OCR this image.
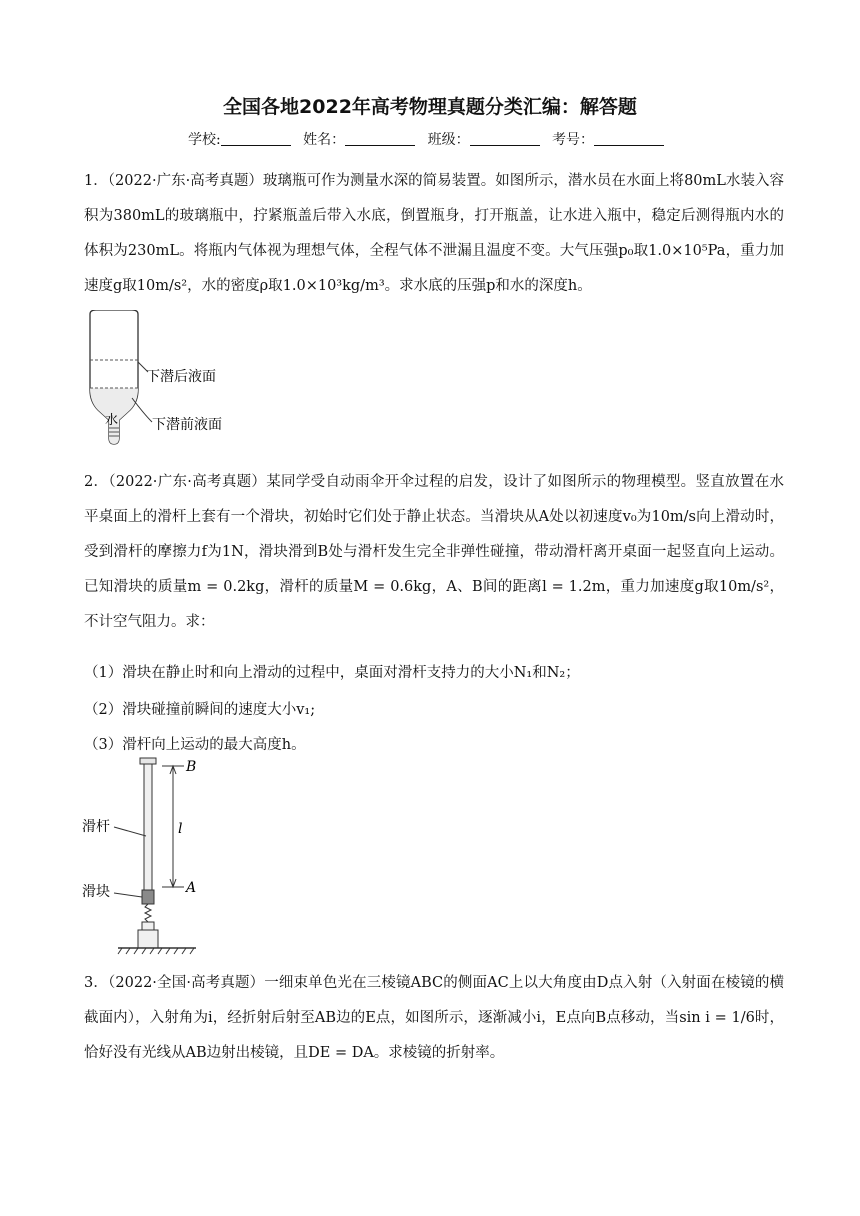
全国各地2022年高考物理真题分类汇编：解答题
学校:	姓名：	班级：	考号：
1．（2022·广东·高考真题）玻璃瓶可作为测量水深的简易装置。如图所示，潜水员在水面上将80mL水装入容积为380mL的玻璃瓶中，拧紧瓶盖后带入水底，倒置瓶身，打开瓶盖，让水进入瓶中，稳定后测得瓶内水的体积为230mL。将瓶内气体视为理想气体，全程气体不泄漏且温度不变。大气压强p₀取1.0×10⁵Pa，重力加速度g取10m/s²，水的密度ρ取1.0×10³kg/m³。求水底的压强p和水的深度h。
下潜后液面
下潜前液面
水
2．（2022·广东·高考真题）某同学受自动雨伞开伞过程的启发，设计了如图所示的物理模型。竖直放置在水平桌面上的滑杆上套有一个滑块，初始时它们处于静止状态。当滑块从A处以初速度v₀为10m/s向上滑动时，受到滑杆的摩擦力f为1N，滑块滑到B处与滑杆发生完全非弹性碰撞，带动滑杆离开桌面一起竖直向上运动。已知滑块的质量m = 0.2kg，滑杆的质量M = 0.6kg，A、B间的距离l = 1.2m，重力加速度g取10m/s²，不计空气阻力。求：
（1）滑块在静止时和向上滑动的过程中，桌面对滑杆支持力的大小N₁和N₂；
（2）滑块碰撞前瞬间的速度大小v₁;
（3）滑杆向上运动的最大高度h。
B
l
A
滑杆
滑块
3．（2022·全国·高考真题）一细束单色光在三棱镜ABC的侧面AC上以大角度由D点入射（入射面在棱镜的横截面内），入射角为i，经折射后射至AB边的E点，如图所示，逐渐减小i，E点向B点移动，当sin i = 1/6时，恰好没有光线从AB边射出棱镜，且DE = DA。求棱镜的折射率。
